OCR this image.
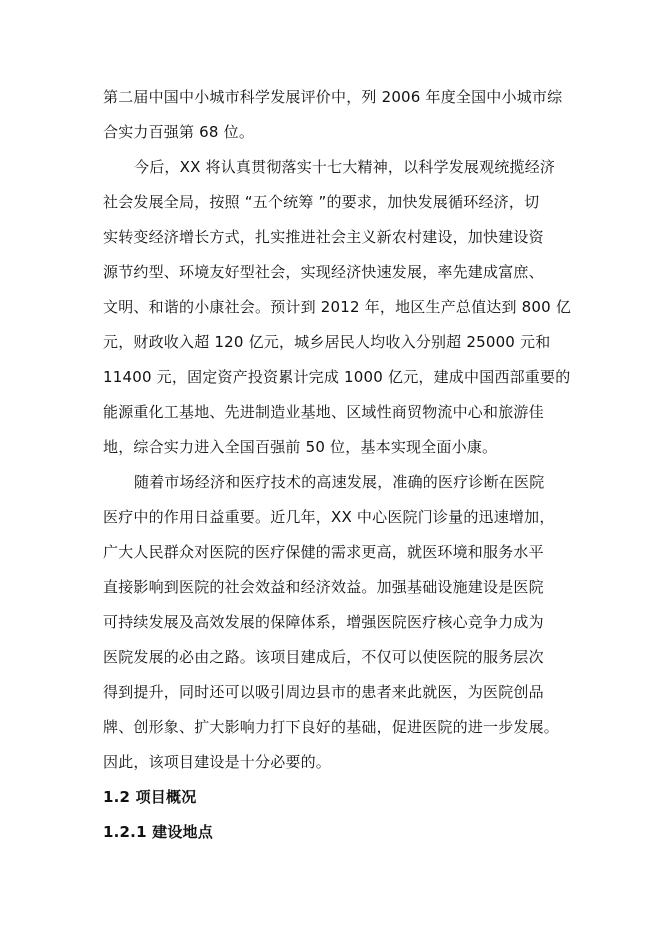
第二届中国中小城市科学发展评价中，列 2006 年度全国中小城市综
合实力百强第 68 位。
今后，XX 将认真贯彻落实十七大精神，以科学发展观统揽经济
社会发展全局，按照 “五个统筹 ”的要求，加快发展循环经济，切
实转变经济增长方式，扎实推进社会主义新农村建设，加快建设资
源节约型、环境友好型社会，实现经济快速发展，率先建成富庶、
文明、和谐的小康社会。预计到 2012 年，地区生产总值达到 800 亿
元，财政收入超 120 亿元，城乡居民人均收入分别超 25000 元和
11400 元，固定资产投资累计完成 1000 亿元，建成中国西部重要的
能源重化工基地、先进制造业基地、区域性商贸物流中心和旅游佳
地，综合实力进入全国百强前 50 位，基本实现全面小康。
随着市场经济和医疗技术的高速发展，准确的医疗诊断在医院
医疗中的作用日益重要。近几年，XX 中心医院门诊量的迅速增加，
广大人民群众对医院的医疗保健的需求更高，就医环境和服务水平
直接影响到医院的社会效益和经济效益。加强基础设施建设是医院
可持续发展及高效发展的保障体系，增强医院医疗核心竞争力成为
医院发展的必由之路。该项目建成后，不仅可以使医院的服务层次
得到提升，同时还可以吸引周边县市的患者来此就医，为医院创品
牌、创形象、扩大影响力打下良好的基础，促进医院的进一步发展。
因此，该项目建设是十分必要的。
1.2 项目概况
1.2.1 建设地点
